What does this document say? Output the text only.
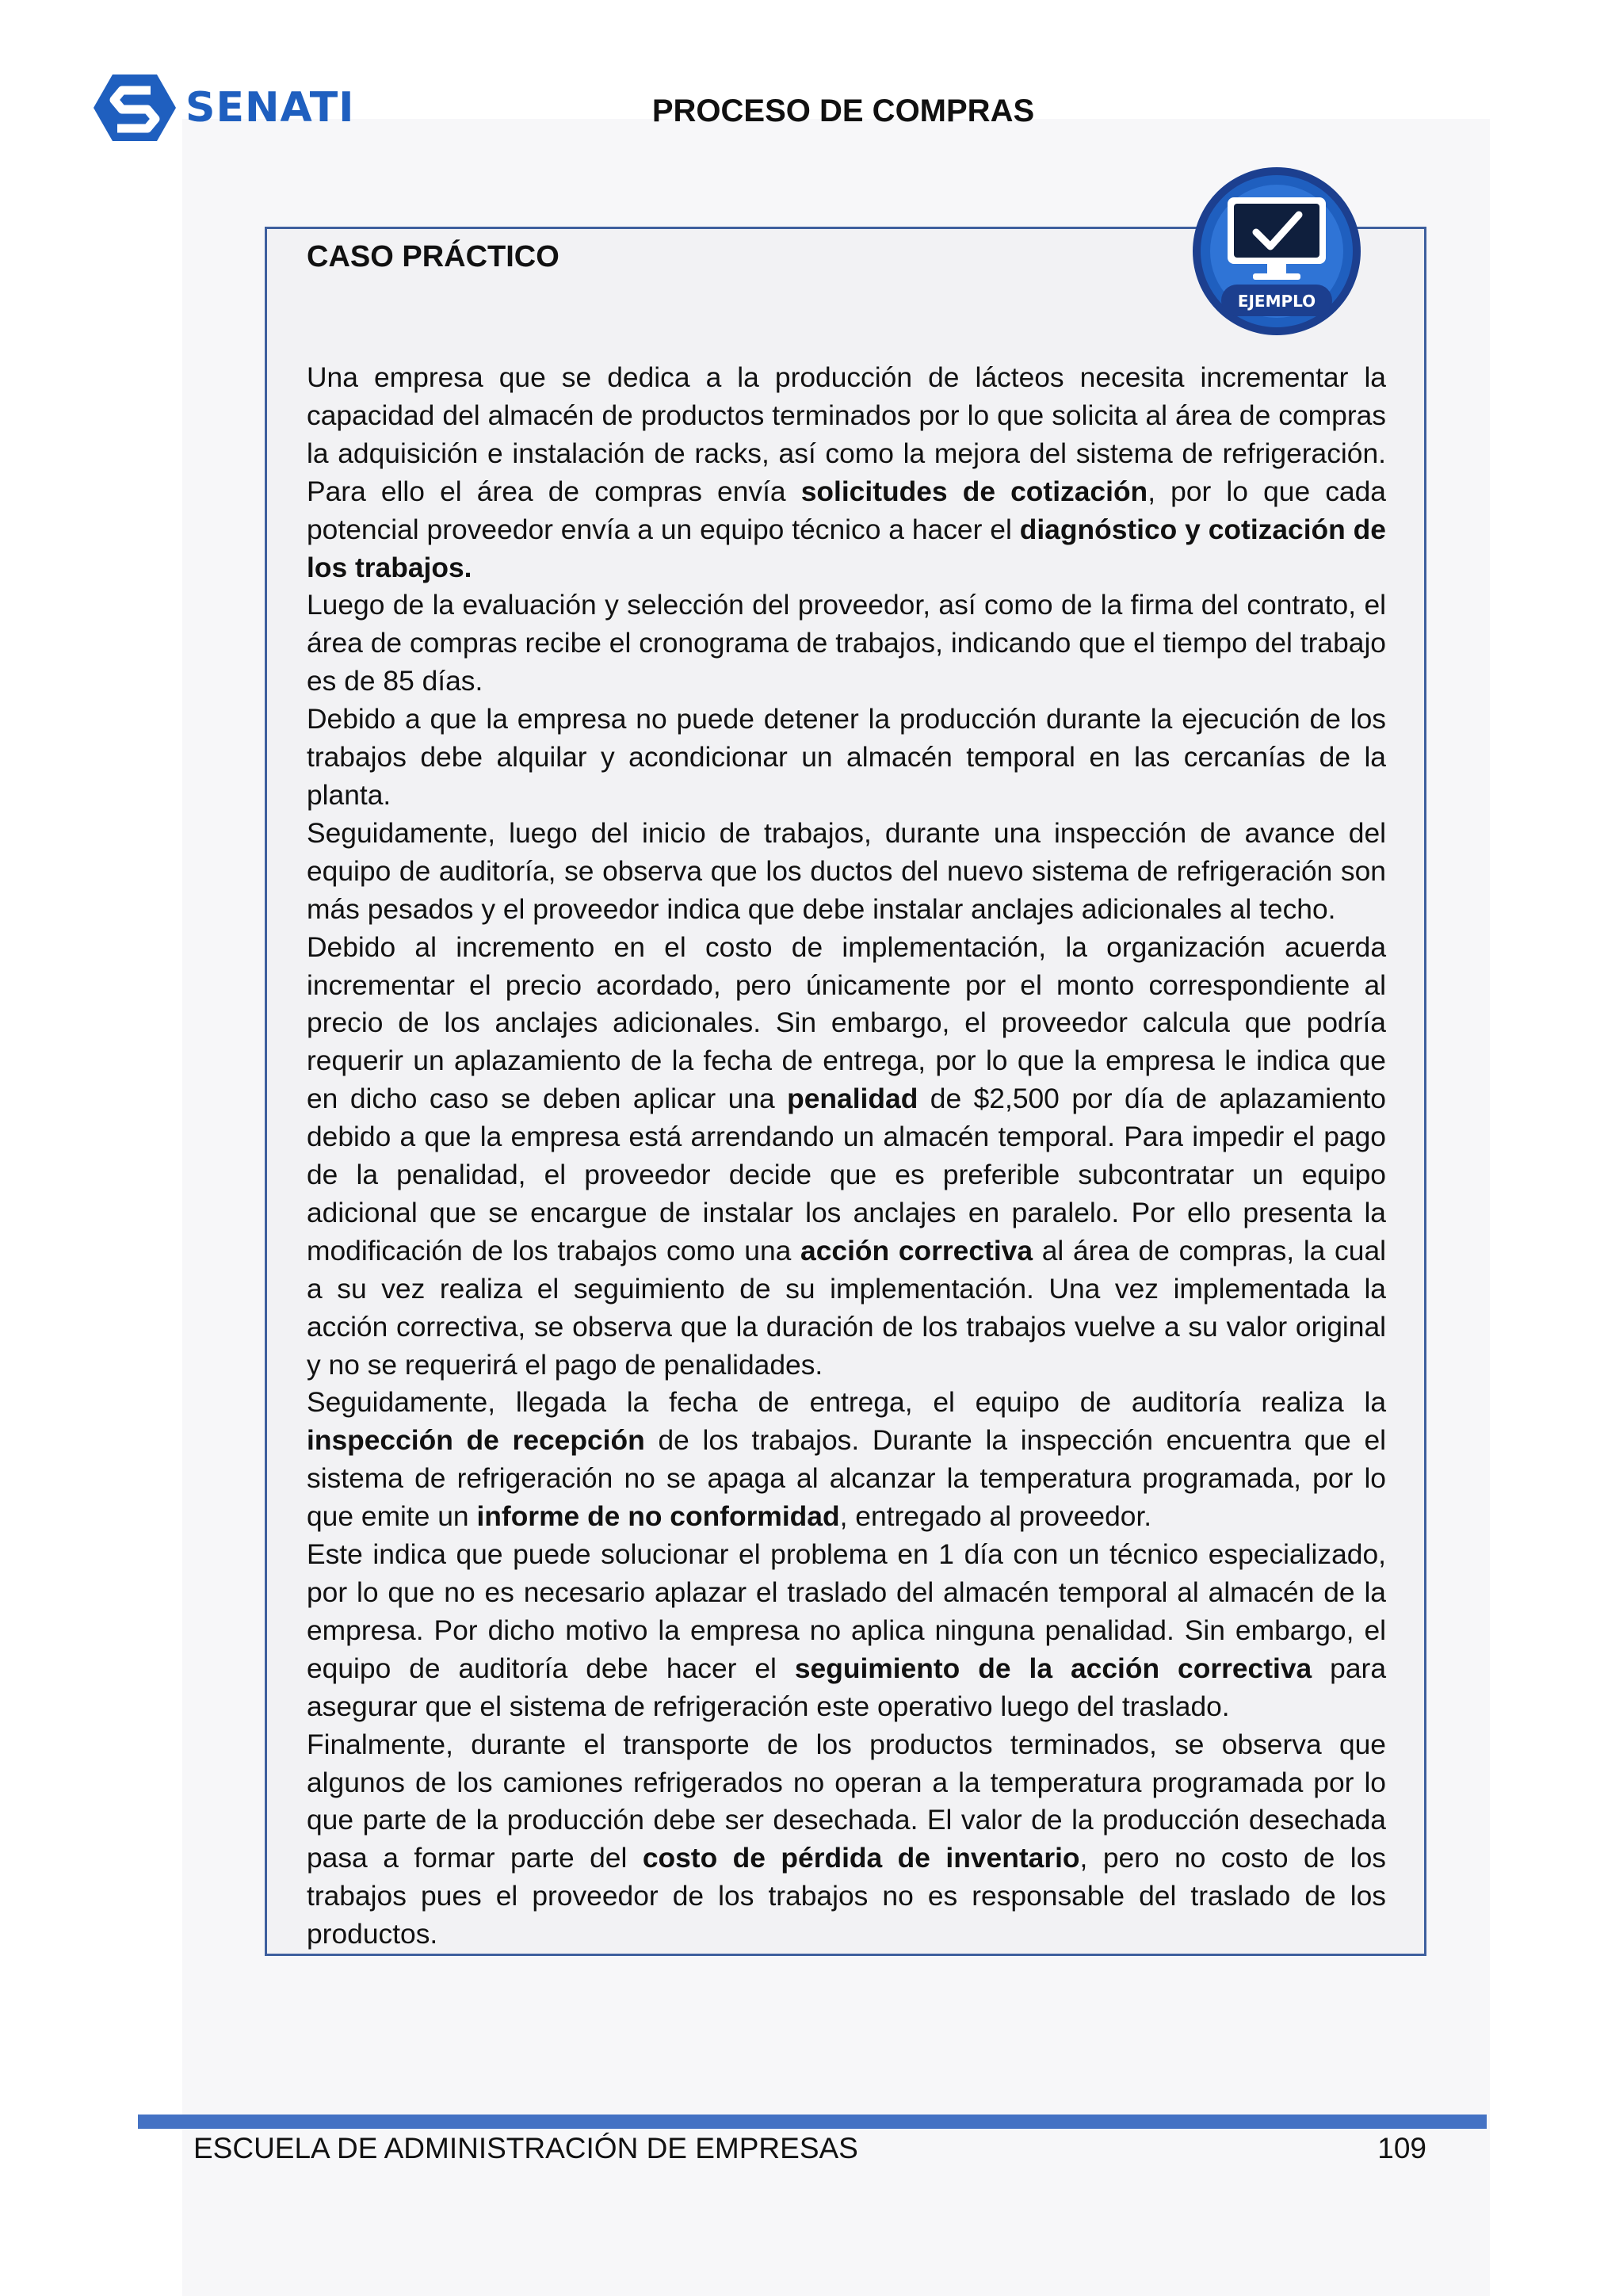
SENATI	PROCESO DE COMPRAS
CASO PRÁCTICO
EJEMPLO

Una empresa que se dedica a la producción de lácteos necesita incrementar la capacidad del almacén de productos terminados por lo que solicita al área de compras la adquisición e instalación de racks, así como la mejora del sistema de refrigeración. Para ello el área de compras envía solicitudes de cotización, por lo que cada potencial proveedor envía a un equipo técnico a hacer el diagnóstico y cotización de los trabajos.

Luego de la evaluación y selección del proveedor, así como de la firma del contrato, el área de compras recibe el cronograma de trabajos, indicando que el tiempo del trabajo es de 85 días.

Debido a que la empresa no puede detener la producción durante la ejecución de los trabajos debe alquilar y acondicionar un almacén temporal en las cercanías de la planta.

Seguidamente, luego del inicio de trabajos, durante una inspección de avance del equipo de auditoría, se observa que los ductos del nuevo sistema de refrigeración son más pesados y el proveedor indica que debe instalar anclajes adicionales al techo.

Debido al incremento en el costo de implementación, la organización acuerda incrementar el precio acordado, pero únicamente por el monto correspondiente al precio de los anclajes adicionales. Sin embargo, el proveedor calcula que podría requerir un aplazamiento de la fecha de entrega, por lo que la empresa le indica que en dicho caso se deben aplicar una penalidad de $2,500 por día de aplazamiento debido a que la empresa está arrendando un almacén temporal. Para impedir el pago de la penalidad, el proveedor decide que es preferible subcontratar un equipo adicional que se encargue de instalar los anclajes en paralelo. Por ello presenta la modificación de los trabajos como una acción correctiva al área de compras, la cual a su vez realiza el seguimiento de su implementación. Una vez implementada la acción correctiva, se observa que la duración de los trabajos vuelve a su valor original y no se requerirá el pago de penalidades.

Seguidamente, llegada la fecha de entrega, el equipo de auditoría realiza la inspección de recepción de los trabajos. Durante la inspección encuentra que el sistema de refrigeración no se apaga al alcanzar la temperatura programada, por lo que emite un informe de no conformidad, entregado al proveedor.

Este indica que puede solucionar el problema en 1 día con un técnico especializado, por lo que no es necesario aplazar el traslado del almacén temporal al almacén de la empresa. Por dicho motivo la empresa no aplica ninguna penalidad. Sin embargo, el equipo de auditoría debe hacer el seguimiento de la acción correctiva para asegurar que el sistema de refrigeración este operativo luego del traslado.

Finalmente, durante el transporte de los productos terminados, se observa que algunos de los camiones refrigerados no operan a la temperatura programada por lo que parte de la producción debe ser desechada. El valor de la producción desechada pasa a formar parte del costo de pérdida de inventario, pero no costo de los trabajos pues el proveedor de los trabajos no es responsable del traslado de los productos.

ESCUELA DE ADMINISTRACIÓN DE EMPRESAS	109
